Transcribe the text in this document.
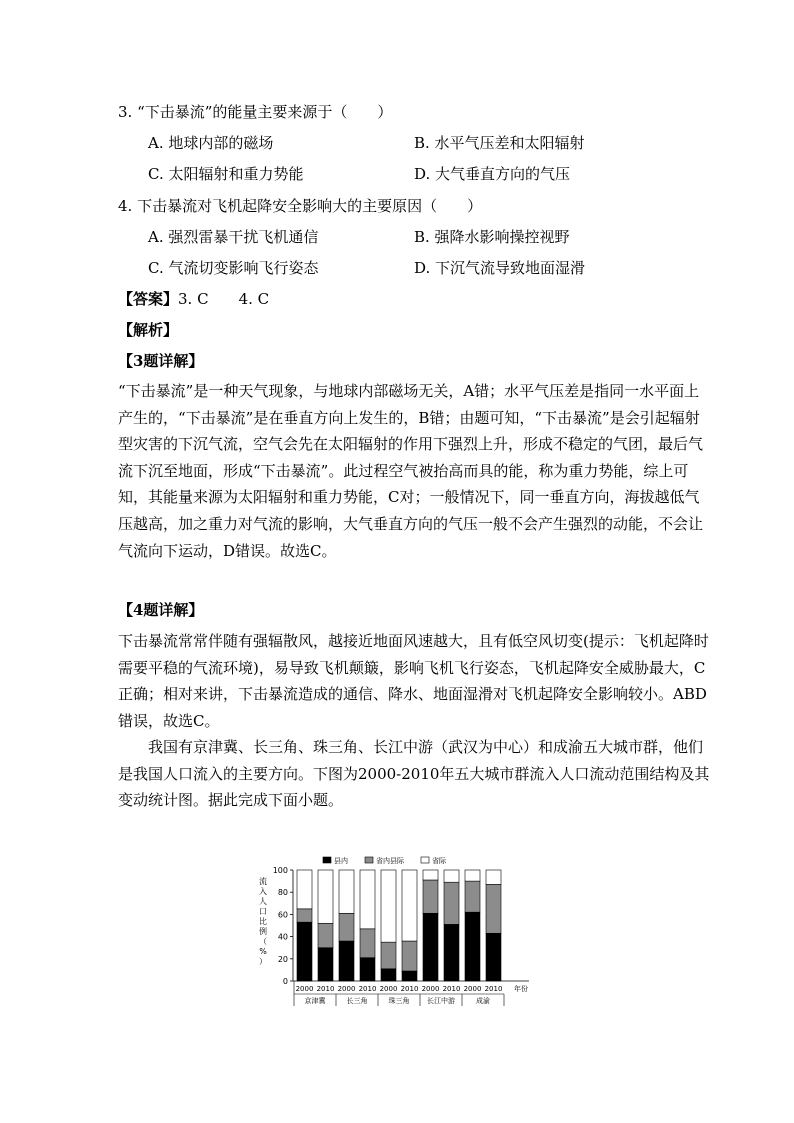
3. “下击暴流”的能量主要来源于（　　）
A. 地球内部的磁场	B. 水平气压差和太阳辐射
C. 太阳辐射和重力势能	D. 大气垂直方向的气压
4. 下击暴流对飞机起降安全影响大的主要原因（　　）
A. 强烈雷暴干扰飞机通信	B. 强降水影响操控视野
C. 气流切变影响飞行姿态	D. 下沉气流导致地面湿滑
【答案】3. C　　4. C
【解析】
【3题详解】

“下击暴流”是一种天气现象，与地球内部磁场无关，A错；水平气压差是指同一水平面上

产生的，“下击暴流”是在垂直方向上发生的，B错；由题可知，“下击暴流”是会引起辐射

型灾害的下沉气流，空气会先在太阳辐射的作用下强烈上升，形成不稳定的气团，最后气

流下沉至地面，形成“下击暴流”。此过程空气被抬高而具的能，称为重力势能，综上可

知，其能量来源为太阳辐射和重力势能，C对；一般情况下，同一垂直方向，海拔越低气

压越高，加之重力对气流的影响，大气垂直方向的气压一般不会产生强烈的动能，不会让

气流向下运动，D错误。故选C。

【4题详解】

下击暴流常常伴随有强辐散风，越接近地面风速越大，且有低空风切变(提示：飞机起降时

需要平稳的气流环境)，易导致飞机颠簸，影响飞机飞行姿态，飞机起降安全威胁最大，C

正确；相对来讲，下击暴流造成的通信、降水、地面湿滑对飞机起降安全影响较小。ABD

错误，故选C。

我国有京津冀、长三角、珠三角、长江中游（武汉为中心）和成渝五大城市群，他们

是我国人口流入的主要方向。下图为2000-2010年五大城市群流入人口流动范围结构及其

变动统计图。据此完成下面小题。

0
20
40
60
80
100
流
入
人
口
比
例
（
%
）
2000 2010 2000 2010 2000 2010 2000 2010 2000 2010
京津冀	长三角	珠三角	长江中游	成渝
年份
县内	省内县际	省际
